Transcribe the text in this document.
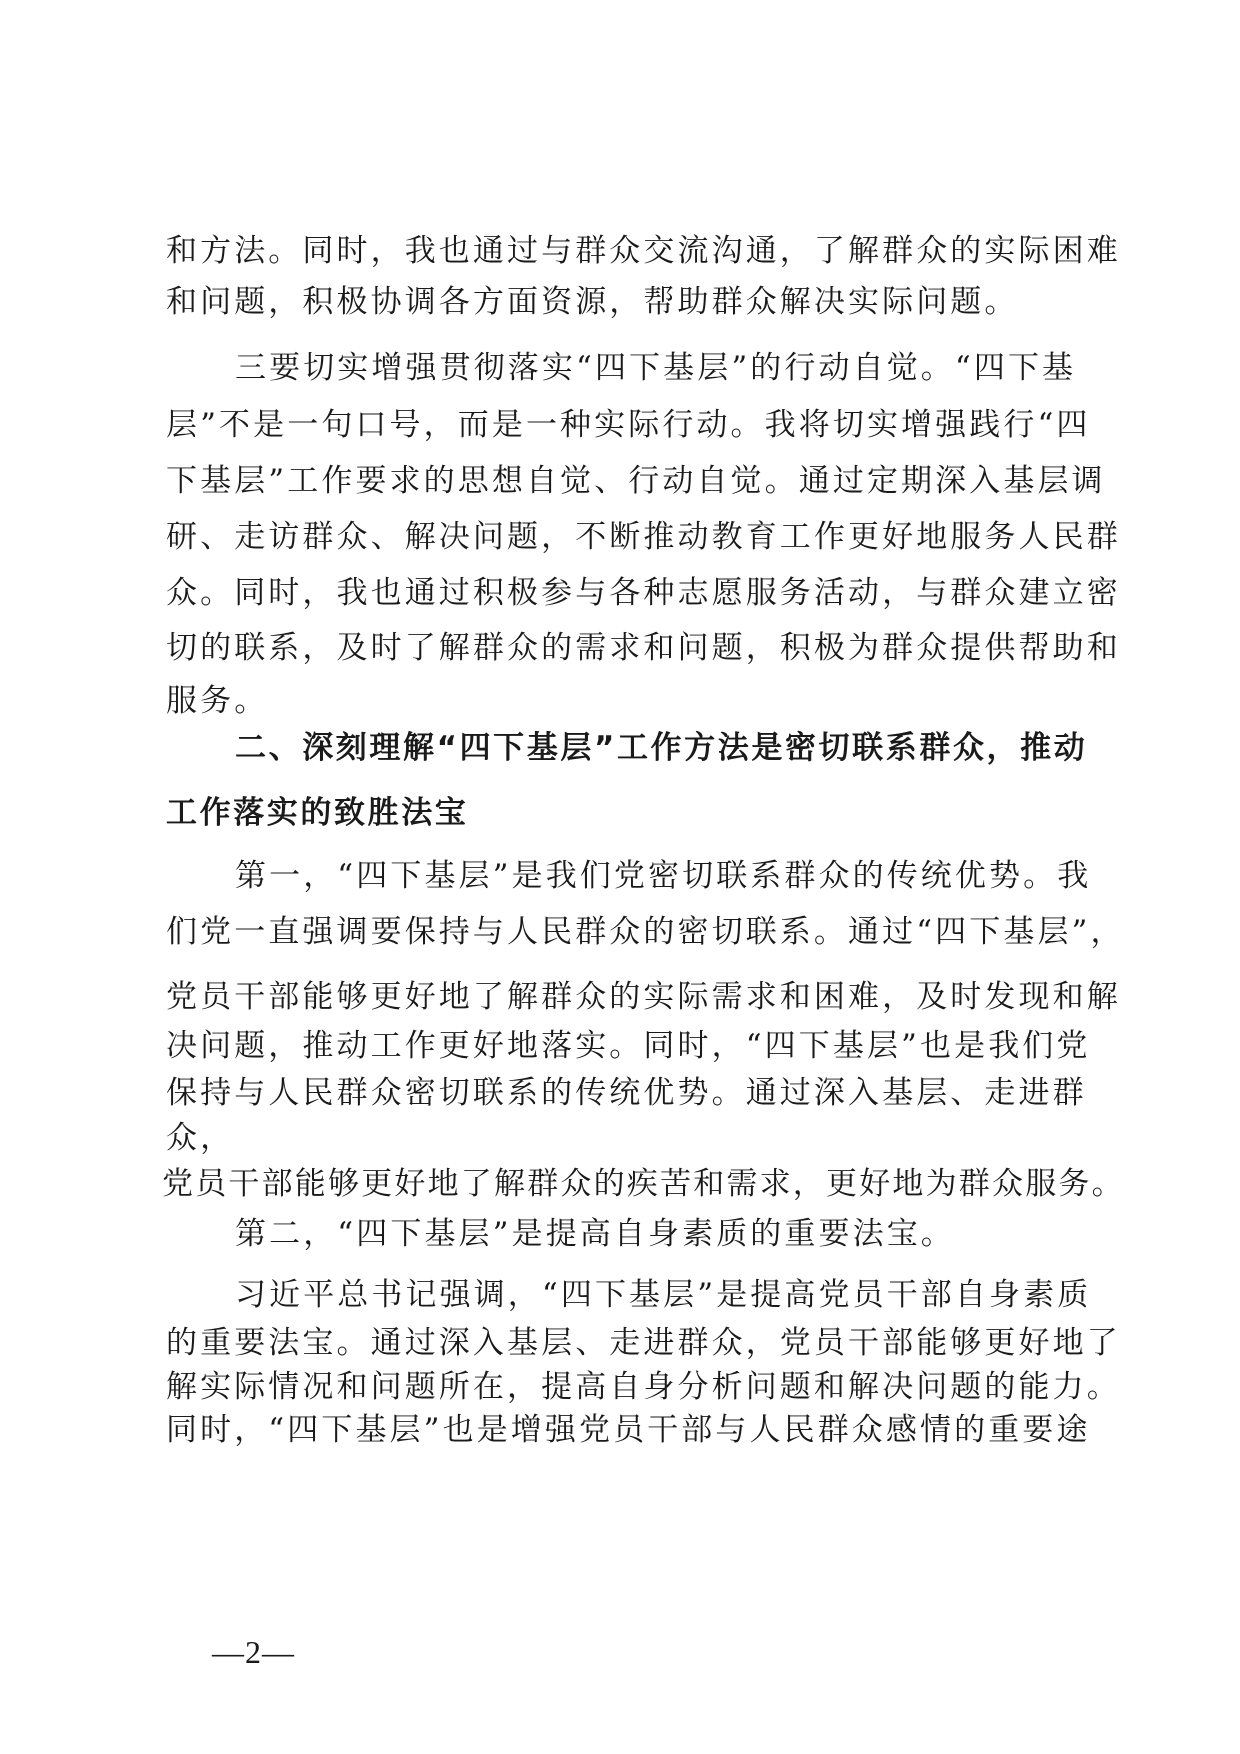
和方法。同时，我也通过与群众交流沟通，了解群众的实际困难
和问题，积极协调各方面资源，帮助群众解决实际问题。
三要切实增强贯彻落实“四下基层”的行动自觉。“四下基
层”不是一句口号，而是一种实际行动。我将切实增强践行“四
下基层”工作要求的思想自觉、行动自觉。通过定期深入基层调
研、走访群众、解决问题，不断推动教育工作更好地服务人民群
众。同时，我也通过积极参与各种志愿服务活动，与群众建立密
切的联系，及时了解群众的需求和问题，积极为群众提供帮助和
服务。
二、深刻理解“四下基层”工作方法是密切联系群众，推动
工作落实的致胜法宝
第一，“四下基层”是我们党密切联系群众的传统优势。我
们党一直强调要保持与人民群众的密切联系。通过“四下基层”，
党员干部能够更好地了解群众的实际需求和困难，及时发现和解
决问题，推动工作更好地落实。同时，“四下基层”也是我们党
保持与人民群众密切联系的传统优势。通过深入基层、走进群
众，
党员干部能够更好地了解群众的疾苦和需求，更好地为群众服务。
第二，“四下基层”是提高自身素质的重要法宝。
习近平总书记强调，“四下基层”是提高党员干部自身素质
的重要法宝。通过深入基层、走进群众，党员干部能够更好地了
解实际情况和问题所在，提高自身分析问题和解决问题的能力。
同时，“四下基层”也是增强党员干部与人民群众感情的重要途
—2—
